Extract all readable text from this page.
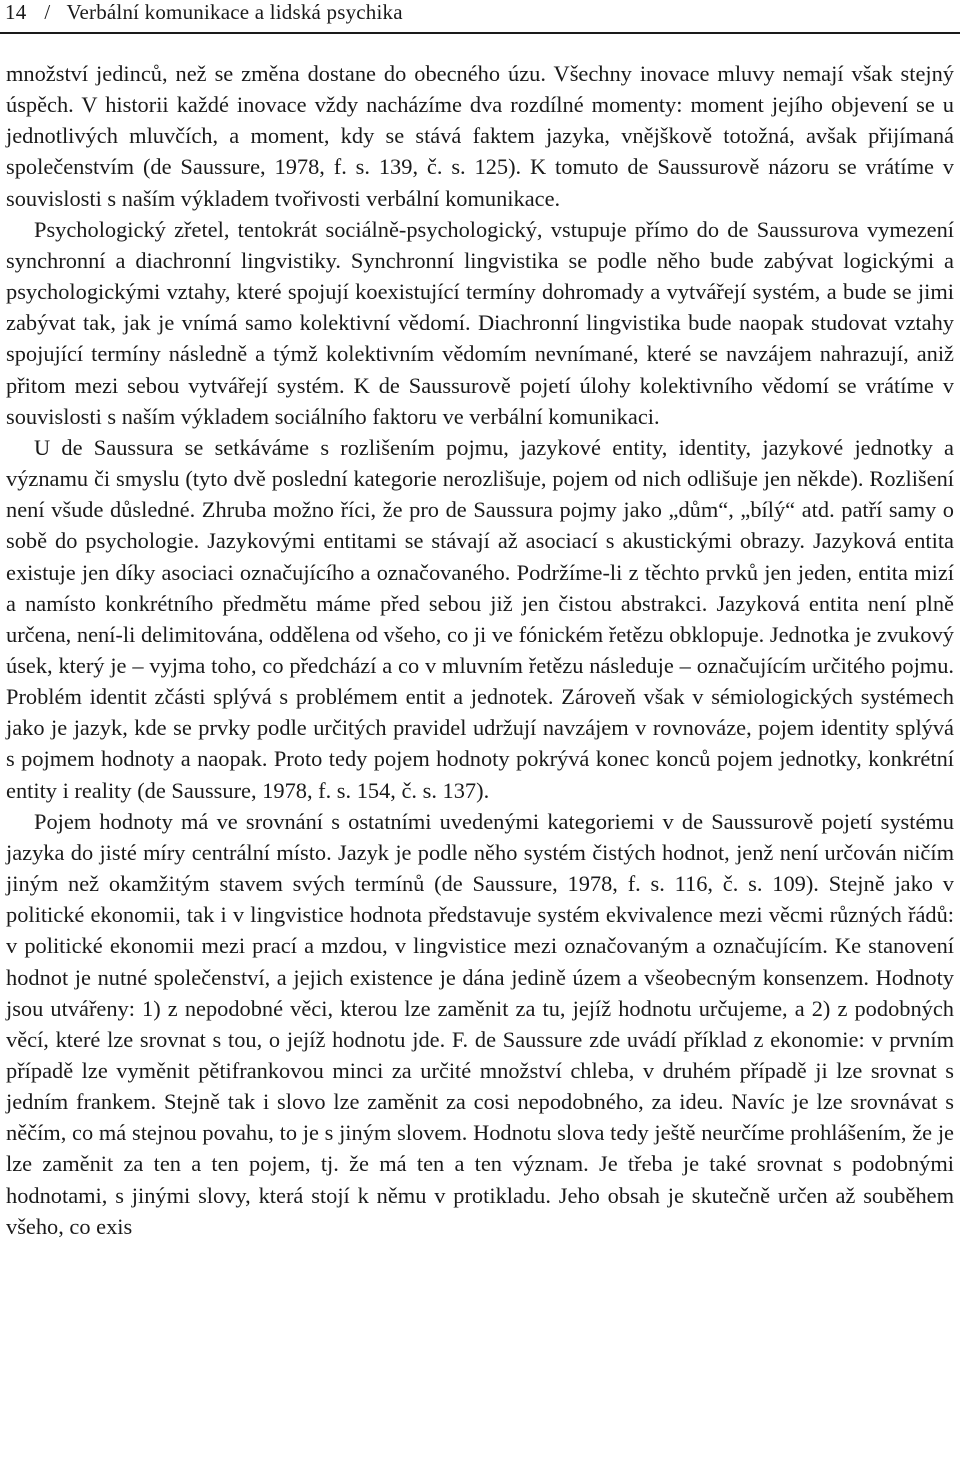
14 / Verbální komunikace a lidská psychika

množství jedinců, než se změna dostane do obecného úzu. Všechny inovace mluvy nemají však stejný úspěch. V historii každé inovace vždy nacházíme dva rozdílné momenty: moment jejího objevení se u jednotlivých mluvčích, a moment, kdy se stává faktem jazyka, vnějškově totožná, avšak přijímaná společenstvím (de Saussure, 1978, f. s. 139, č. s. 125). K tomuto de Saussurově názoru se vrátíme v souvislosti s naším výkladem tvořivosti verbální komunikace.

Psychologický zřetel, tentokrát sociálně-psychologický, vstupuje přímo do de Saussurova vymezení synchronní a diachronní lingvistiky. Synchronní lingvistika se podle něho bude zabývat logickými a psychologickými vztahy, které spojují koexistující termíny dohromady a vytvářejí systém, a bude se jimi zabývat tak, jak je vnímá samo kolektivní vědomí. Diachronní lingvistika bude naopak studovat vztahy spojující termíny následně a týmž kolektivním vědomím nevnímané, které se navzájem nahrazují, aniž přitom mezi sebou vytvářejí systém. K de Saussurově pojetí úlohy kolektivního vědomí se vrátíme v souvislosti s naším výkladem sociálního faktoru ve verbální komunikaci.

U de Saussura se setkáváme s rozlišením pojmu, jazykové entity, identity, jazykové jednotky a významu či smyslu (tyto dvě poslední kategorie nerozlišuje, pojem od nich odlišuje jen někde). Rozlišení není všude důsledné. Zhruba možno říci, že pro de Saussura pojmy jako „dům“, „bílý“ atd. patří samy o sobě do psychologie. Jazykovými entitami se stávají až asociací s akustickými obrazy. Jazyková entita existuje jen díky asociaci označujícího a označovaného. Podržíme-li z těchto prvků jen jeden, entita mizí a namísto konkrétního předmětu máme před sebou již jen čistou abstrakci. Jazyková entita není plně určena, není-li delimitována, oddělena od všeho, co ji ve fónickém řetězu obklopuje. Jednotka je zvukový úsek, který je – vyjma toho, co předchází a co v mluvním řetězu následuje – označujícím určitého pojmu. Problém identit zčásti splývá s problémem entit a jednotek. Zároveň však v sémiologických systémech jako je jazyk, kde se prvky podle určitých pravidel udržují navzájem v rovnováze, pojem identity splývá s pojmem hodnoty a naopak. Proto tedy pojem hodnoty pokrývá konec konců pojem jednotky, konkrétní entity i reality (de Saussure, 1978, f. s. 154, č. s. 137).

Pojem hodnoty má ve srovnání s ostatními uvedenými kategoriemi v de Saussurově pojetí systému jazyka do jisté míry centrální místo. Jazyk je podle něho systém čistých hodnot, jenž není určován ničím jiným než okamžitým stavem svých termínů (de Saussure, 1978, f. s. 116, č. s. 109). Stejně jako v politické ekonomii, tak i v lingvistice hodnota představuje systém ekvivalence mezi věcmi různých řádů: v politické ekonomii mezi prací a mzdou, v lingvistice mezi označovaným a označujícím. Ke stanovení hodnot je nutné společenství, a jejich existence je dána jedině územ a všeobecným konsenzem. Hodnoty jsou utvářeny: 1) z nepodobné věci, kterou lze zaměnit za tu, jejíž hodnotu určujeme, a 2) z podobných věcí, které lze srovnat s tou, o jejíž hodnotu jde. F. de Saussure zde uvádí příklad z ekonomie: v prvním případě lze vyměnit pětifrankovou minci za určité množství chleba, v druhém případě ji lze srovnat s jedním frankem. Stejně tak i slovo lze zaměnit za cosi nepodobného, za ideu. Navíc je lze srovnávat s něčím, co má stejnou povahu, to je s jiným slovem. Hodnotu slova tedy ještě neurčíme prohlášením, že je lze zaměnit za ten a ten pojem, tj. že má ten a ten význam. Je třeba je také srovnat s podobnými hodnotami, s jinými slovy, která stojí k němu v protikladu. Jeho obsah je skutečně určen až souběhem všeho, co exis
